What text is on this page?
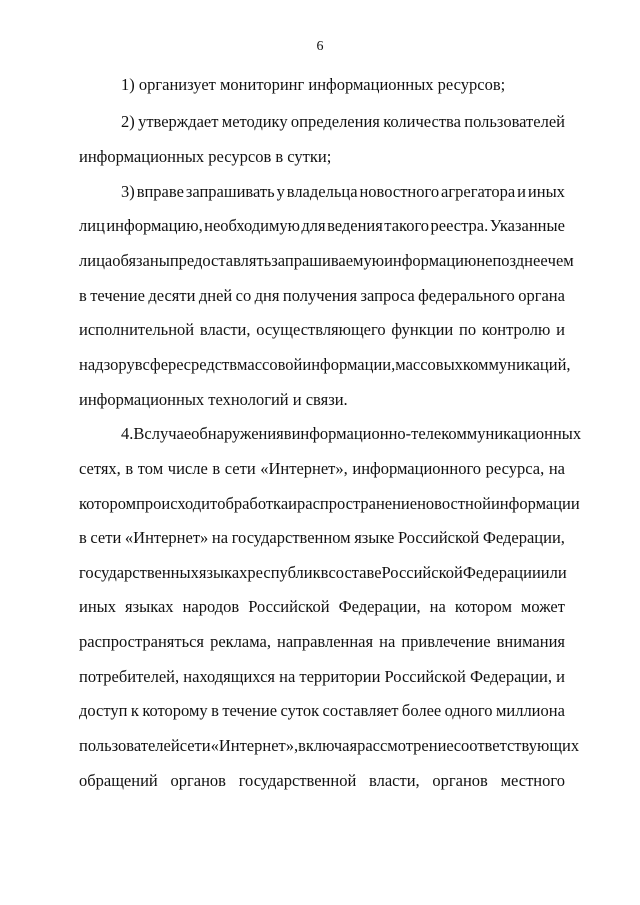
6
1) организует мониторинг информационных ресурсов;
2) утверждает методику определения количества пользователей
информационных ресурсов в сутки;
3) вправе запрашивать у владельца новостного агрегатора и иных
лиц информацию, необходимую для ведения такого реестра. Указанные
лица обязаны предоставлять запрашиваемую информацию не позднее чем
в течение десяти дней со дня получения запроса федерального органа
исполнительной власти, осуществляющего функции по контролю и
надзору в сфере средств массовой информации, массовых коммуникаций,
информационных технологий и связи.
4. В случае обнаружения в информационно-телекоммуникационных
сетях, в том числе в сети «Интернет», информационного ресурса, на
котором происходит обработка и распространение новостной информации
в сети «Интернет» на государственном языке Российской Федерации,
государственных языках республик в составе Российской Федерации или
иных языках народов Российской Федерации, на котором может
распространяться реклама, направленная на привлечение внимания
потребителей, находящихся на территории Российской Федерации, и
доступ к которому в течение суток составляет более одного миллиона
пользователей сети «Интернет», включая рассмотрение соответствующих
обращений органов государственной власти, органов местного
